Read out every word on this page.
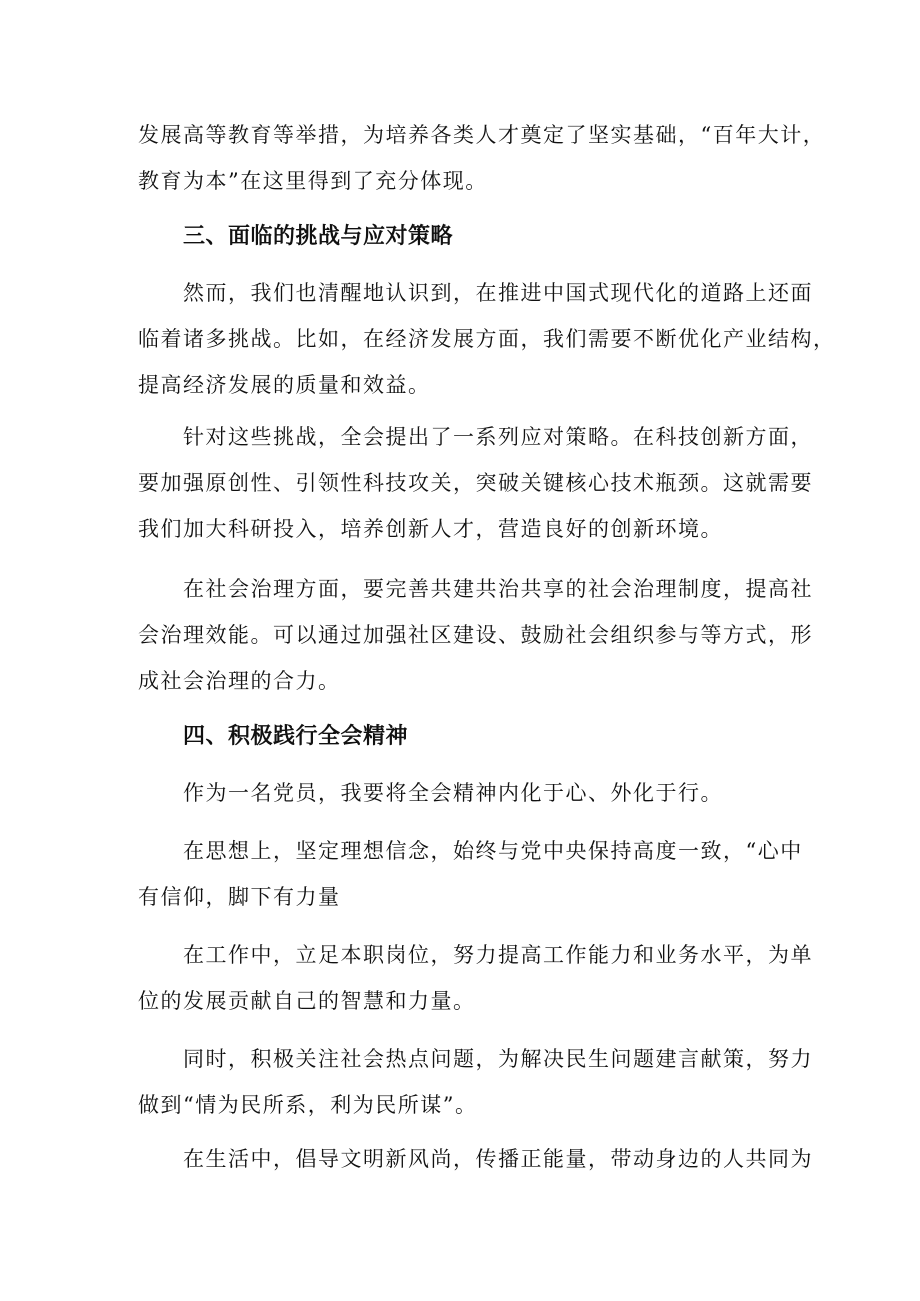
发展高等教育等举措，为培养各类人才奠定了坚实基础，“百年大计，
教育为本”在这里得到了充分体现。

三、面临的挑战与应对策略

　　然而，我们也清醒地认识到，在推进中国式现代化的道路上还面
临着诸多挑战。比如，在经济发展方面，我们需要不断优化产业结构，
提高经济发展的质量和效益。

　　针对这些挑战，全会提出了一系列应对策略。在科技创新方面，
要加强原创性、引领性科技攻关，突破关键核心技术瓶颈。这就需要
我们加大科研投入，培养创新人才，营造良好的创新环境。

　　在社会治理方面，要完善共建共治共享的社会治理制度，提高社
会治理效能。可以通过加强社区建设、鼓励社会组织参与等方式，形
成社会治理的合力。

四、积极践行全会精神

　　作为一名党员，我要将全会精神内化于心、外化于行。

　　在思想上，坚定理想信念，始终与党中央保持高度一致，“心中
有信仰，脚下有力量

　　在工作中，立足本职岗位，努力提高工作能力和业务水平，为单
位的发展贡献自己的智慧和力量。

　　同时，积极关注社会热点问题，为解决民生问题建言献策，努力
做到“情为民所系，利为民所谋”。

　　在生活中，倡导文明新风尚，传播正能量，带动身边的人共同为
